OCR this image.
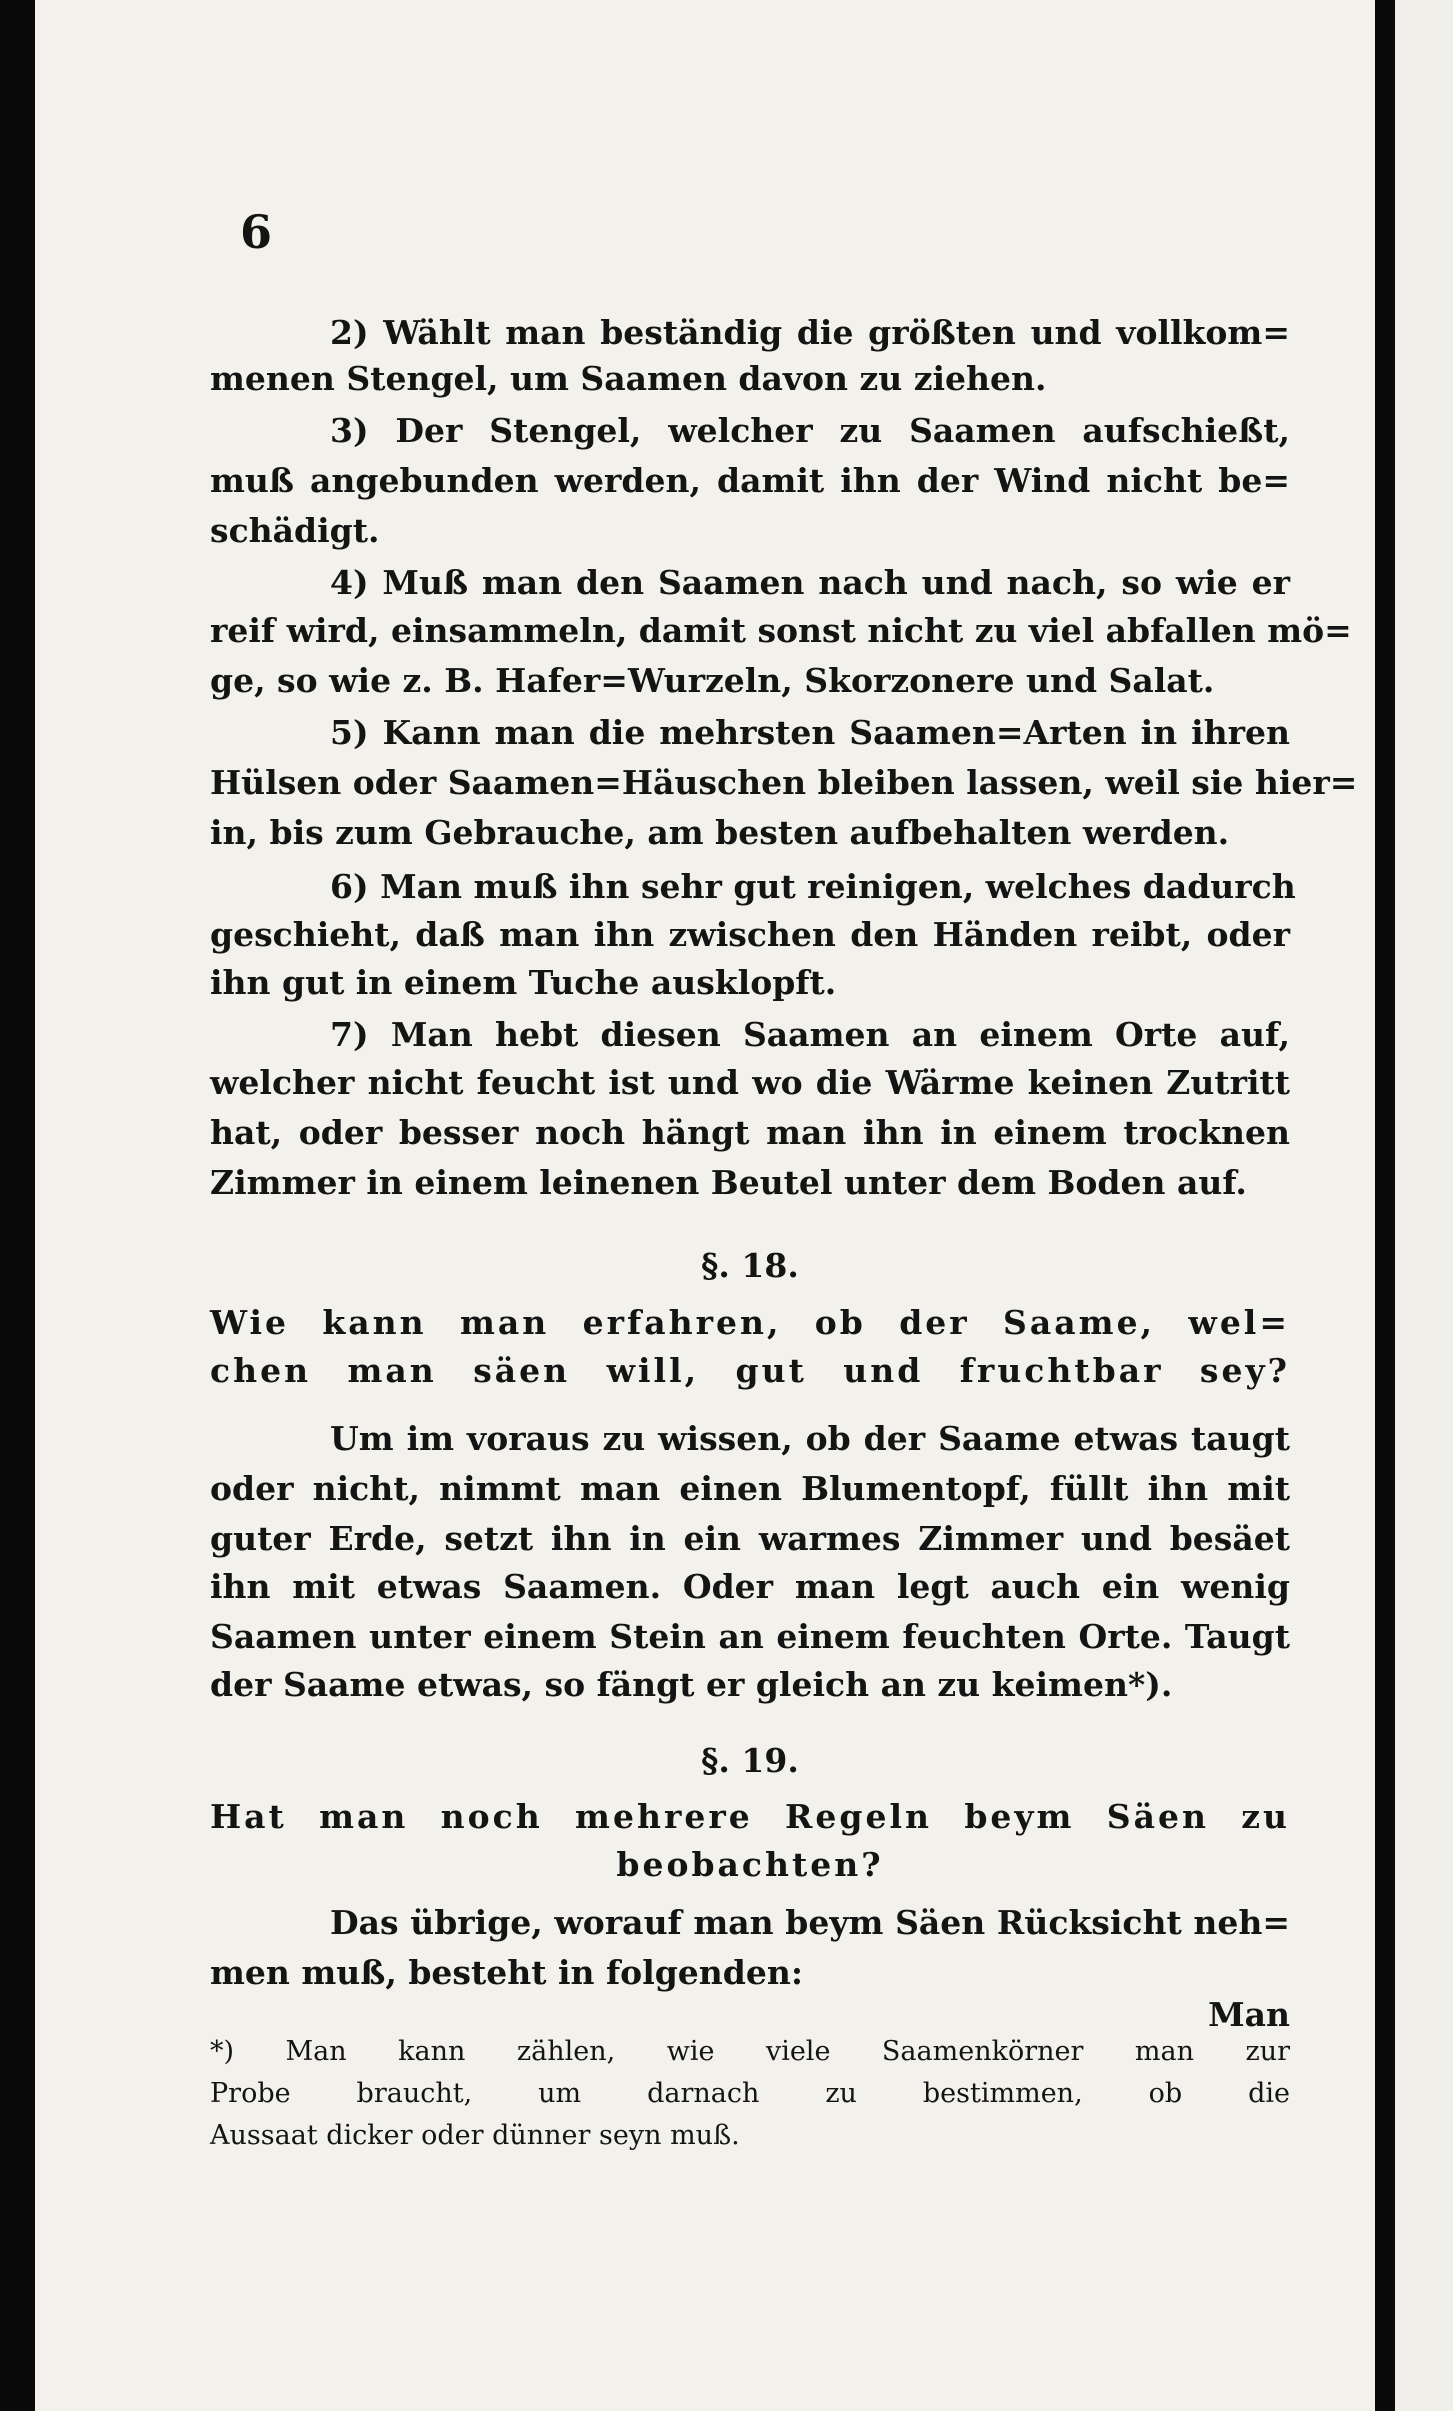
6
2) Wählt man beständig die größten und vollkom=
menen Stengel, um Saamen davon zu ziehen.
3) Der Stengel, welcher zu Saamen aufschießt,
muß angebunden werden, damit ihn der Wind nicht be=
schädigt.
4) Muß man den Saamen nach und nach, so wie er
reif wird, einsammeln, damit sonst nicht zu viel abfallen mö=
ge, so wie z. B. Hafer=Wurzeln, Skorzonere und Salat.
5) Kann man die mehrsten Saamen=Arten in ihren
Hülsen oder Saamen=Häuschen bleiben lassen, weil sie hier=
in, bis zum Gebrauche, am besten aufbehalten werden.
6) Man muß ihn sehr gut reinigen, welches dadurch
geschieht, daß man ihn zwischen den Händen reibt, oder
ihn gut in einem Tuche ausklopft.
7) Man hebt diesen Saamen an einem Orte auf,
welcher nicht feucht ist und wo die Wärme keinen Zutritt
hat, oder besser noch hängt man ihn in einem trocknen
Zimmer in einem leinenen Beutel unter dem Boden auf.
§. 18.
Wie kann man erfahren, ob der Saame, wel=
chen man säen will, gut und fruchtbar sey?
Um im voraus zu wissen, ob der Saame etwas taugt
oder nicht, nimmt man einen Blumentopf, füllt ihn mit
guter Erde, setzt ihn in ein warmes Zimmer und besäet
ihn mit etwas Saamen. Oder man legt auch ein wenig
Saamen unter einem Stein an einem feuchten Orte. Taugt
der Saame etwas, so fängt er gleich an zu keimen*).
§. 19.
Hat man noch mehrere Regeln beym Säen zu
beobachten?
Das übrige, worauf man beym Säen Rücksicht neh=
men muß, besteht in folgenden:
Man
*) Man kann zählen, wie viele Saamenkörner man zur
Probe braucht, um darnach zu bestimmen, ob die
Aussaat dicker oder dünner seyn muß.
